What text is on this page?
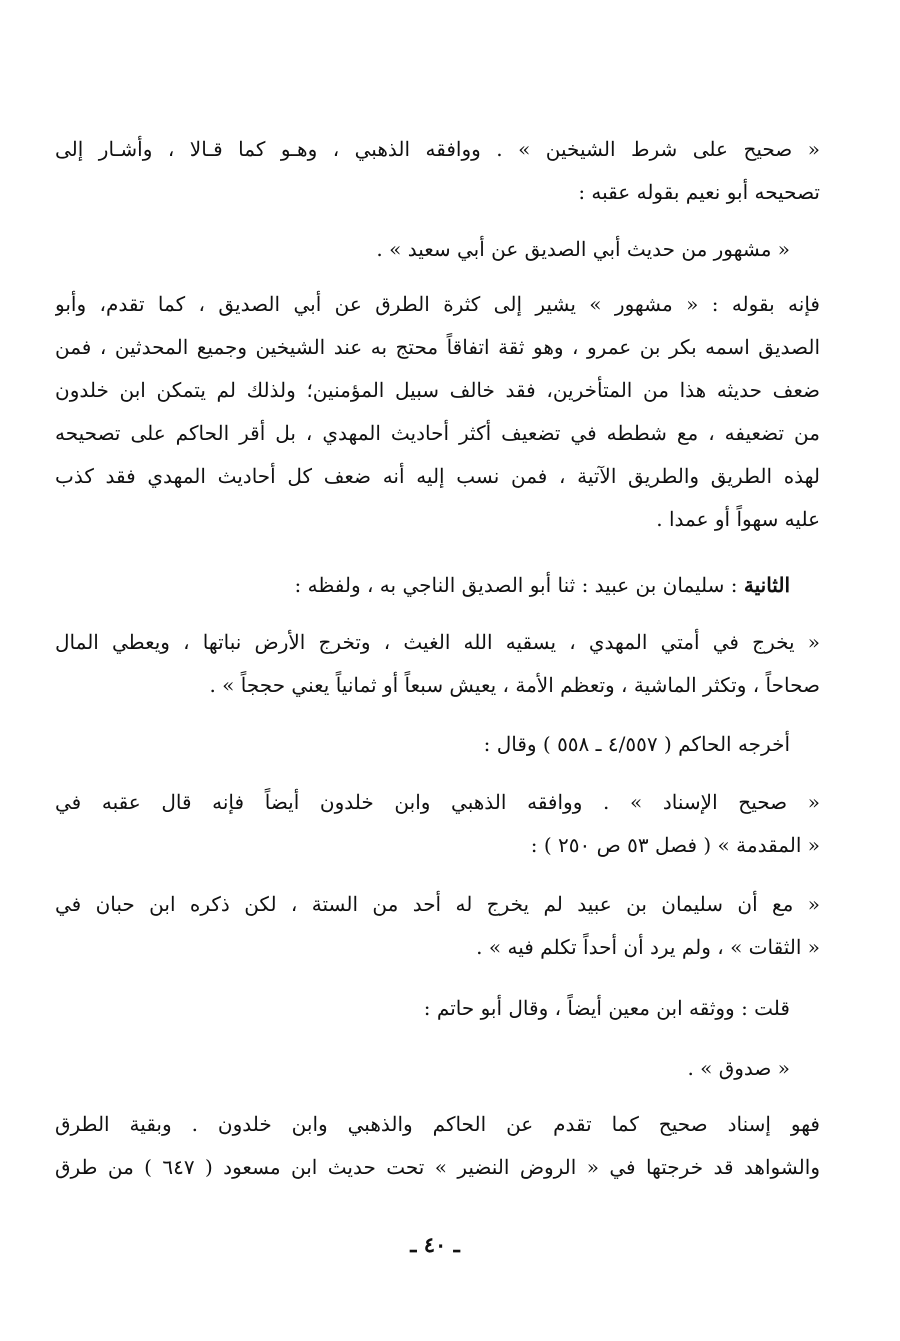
« صحيح على شرط الشيخين » . ووافقه الذهبي ، وهـو كما قـالا ، وأشـار إلى
تصحيحه أبو نعيم بقوله عقبه :
« مشهور من حديث أبي الصديق عن أبي سعيد » .
فإنه بقوله : « مشهور » يشير إلى كثرة الطرق عن أبي الصديق ، كما تقدم، وأبو
الصديق اسمه بكر بن عمرو ، وهو ثقة اتفاقاً محتج به عند الشيخين وجميع المحدثين ، فمن
ضعف حديثه هذا من المتأخرين، فقد خالف سبيل المؤمنين؛ ولذلك لم يتمكن ابن خلدون
من تضعيفه ، مع شططه في تضعيف أكثر أحاديث المهدي ، بل أقر الحاكم على تصحيحه
لهذه الطريق والطريق الآتية ، فمن نسب إليه أنه ضعف كل أحاديث المهدي فقد كذب
عليه سهواً أو عمدا .
الثانية : سليمان بن عبيد : ثنا أبو الصديق الناجي به ، ولفظه :
« يخرج في أمتي المهدي ، يسقيه الله الغيث ، وتخرج الأرض نباتها ، ويعطي المال
صحاحاً ، وتكثر الماشية ، وتعظم الأمة ، يعيش سبعاً أو ثمانياً يعني حججاً » .
أخرجه الحاكم ( ٤/٥٥٧ ـ ٥٥٨ ) وقال :
« صحيح الإسناد » . ووافقه الذهبي وابن خلدون أيضاً فإنه قال عقبه في
« المقدمة » ( فصل ٥٣ ص ٢٥٠ ) :
« مع أن سليمان بن عبيد لم يخرج له أحد من الستة ، لكن ذكره ابن حبان في
« الثقات » ، ولم يرد أن أحداً تكلم فيه » .
قلت : ووثقه ابن معين أيضاً ، وقال أبو حاتم :
« صدوق » .
فهو إسناد صحيح كما تقدم عن الحاكم والذهبي وابن خلدون . وبقية الطرق
والشواهد قد خرجتها في « الروض النضير » تحت حديث ابن مسعود ( ٦٤٧ ) من طرق
ـ ٤٠ ـ
